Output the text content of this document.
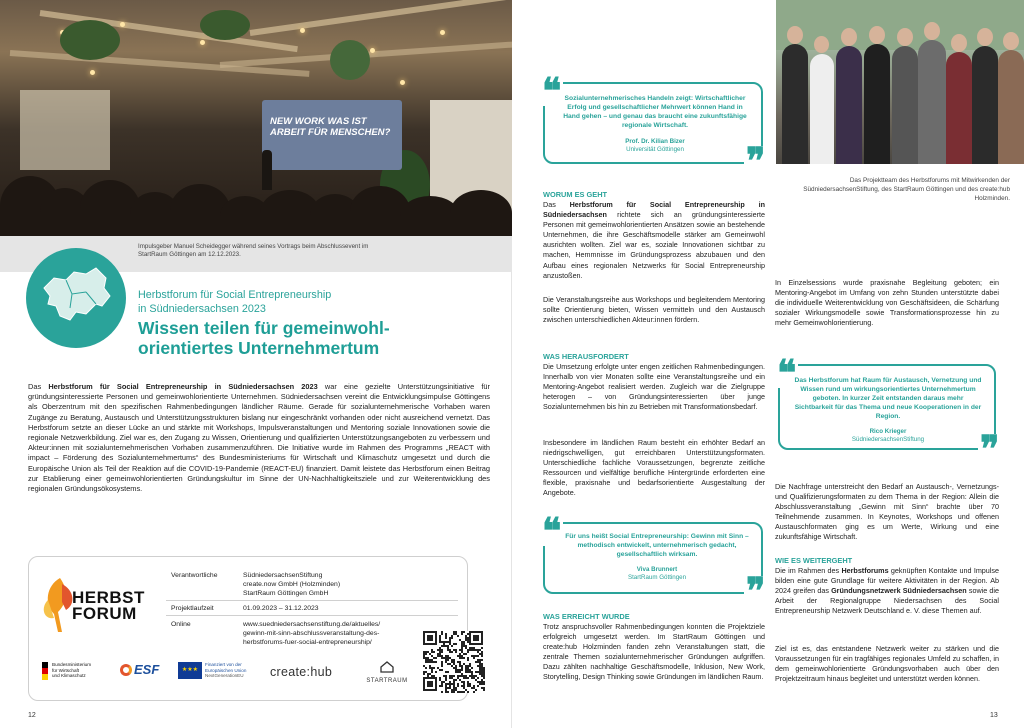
NEW WORK WAS IST ARBEIT FÜR MENSCHEN?
Impulsgeber Manuel Scheidegger während seines Vortrags beim Abschlussevent im StartRaum Göttingen am 12.12.2023.
Herbstforum für Social Entrepreneurship
in Südniedersachsen 2023
Wissen teilen für gemeinwohl-
orientiertes Unternehmertum

Das Herbstforum für Social Entrepreneurship in Südniedersachsen 2023 war eine gezielte Unterstützungsinitiative für gründungsinteressierte Personen und gemeinwohlorientierte Unternehmen. Südniedersachsen vereint die Entwicklungsimpulse Göttingens als Oberzentrum mit den spezifischen Rahmenbedingungen ländlicher Räume. Gerade für sozialunternehmerische Vorhaben waren Zugänge zu Beratung, Austausch und Unterstützungsstrukturen bislang nur eingeschränkt vorhanden oder nicht ausreichend vernetzt. Das Herbstforum setzte an dieser Lücke an und stärkte mit Workshops, Impulsveranstaltungen und Mentoring soziale Innovationen sowie die regionale Netzwerkbildung. Ziel war es, den Zugang zu Wissen, Orientierung und qualifizierten Unterstützungsangeboten zu verbessern und Akteur:innen mit sozialunternehmerischen Vorhaben zusammenzuführen. Die Initiative wurde im Rahmen des Programms „REACT with impact – Förderung des Sozialunternehmertums“ des Bundesministeriums für Wirtschaft und Klimaschutz umgesetzt und durch die Europäische Union als Teil der Reaktion auf die COVID-19-Pandemie (REACT-EU) finanziert. Damit leistete das Herbstforum einen Beitrag zur Etablierung einer gemeinwohlorientierten Gründungskultur im Sinne der UN-Nachhaltigkeitsziele und zur Weiterentwicklung des regionalen Gründungsökosystems.

HERBST
FORUM
Verantwortliche	SüdniedersachsenStiftung
create.now GmbH (Holzminden)
StartRaum Göttingen GmbH
Projektlaufzeit	01.09.2023 – 31.12.2023
Online	www.suedniedersachsenstiftung.de/aktuelles/
gewinn-mit-sinn-abschlussveranstaltung-des-
herbstforums-fuer-social-entrepreneurship/
Bundesministerium
für Wirtschaft
und Klimaschutz	ESF	★★★
Finanziert von der
Europäischen Union
NextGenerationEU create:hub
STARTRAUM
12
❝
❞
Sozialunternehmerisches Handeln zeigt: Wirtschaftlicher Erfolg und gesellschaftlicher Mehrwert können Hand in Hand gehen – und genau das braucht eine zukunftsfähige regionale Wirtschaft.
Prof. Dr. Kilian Bizer
Universität Göttingen
WORUM ES GEHT

Das Herbstforum für Social Entrepreneurship in Südniedersachsen richtete sich an gründungsinteressierte Personen mit gemeinwohlorientierten Ansätzen sowie an bestehende Unternehmen, die ihre Geschäftsmodelle stärker am Gemeinwohl ausrichten wollten. Ziel war es, soziale Innovationen sichtbar zu machen, Hemmnisse im Gründungsprozess abzubauen und den Aufbau eines regionalen Netzwerks für Social Entrepreneurship anzustoßen.

Die Veranstaltungsreihe aus Workshops und begleitendem Mentoring sollte Orientierung bieten, Wissen vermitteln und den Austausch zwischen unterschiedlichen Akteur:innen fördern.

WAS HERAUSFORDERT

Die Umsetzung erfolgte unter engen zeitlichen Rahmenbedingungen. Innerhalb von vier Monaten sollte eine Veranstaltungsreihe und ein Mentoring-Angebot realisiert werden. Zugleich war die Zielgruppe heterogen – von Gründungsinteressierten über junge Sozialunternehmen bis hin zu Betrieben mit Transformationsbedarf.

Insbesondere im ländlichen Raum besteht ein erhöhter Bedarf an niedrigschwelligen, gut erreichbaren Unterstützungsformaten. Unterschiedliche fachliche Voraussetzungen, begrenzte zeitliche Ressourcen und vielfältige berufliche Hintergründe erforderten eine flexible, praxisnahe und bedarfsorientierte Ausgestaltung der Angebote.

❝
❞
Für uns heißt Social Entrepreneurship: Gewinn mit Sinn – methodisch entwickelt, unternehmerisch gedacht, gesellschaftlich wirksam.
Viva Brunnert
StartRaum Göttingen
WAS ERREICHT WURDE

Trotz anspruchsvoller Rahmenbedingungen konnten die Projektziele erfolgreich umgesetzt werden. Im StartRaum Göttingen und create:hub Holzminden fanden zehn Veranstaltungen statt, die zentrale Themen sozialunternehmerischer Gründungen aufgriffen. Dazu zählten nachhaltige Geschäftsmodelle, Inklusion, New Work, Storytelling, Design Thinking sowie Gründungen im ländlichen Raum.

Das Projektteam des Herbstforums mit Mitwirkenden der SüdniedersachsenStiftung, des StartRaum Göttingen und des create:hub Holzminden.

In Einzelsessions wurde praxisnahe Begleitung geboten; ein Mentoring-Angebot im Umfang von zehn Stunden unterstützte dabei die individuelle Weiterentwicklung von Geschäftsideen, die Schärfung sozialer Wirkungsmodelle sowie Transformationsprozesse hin zu mehr Gemeinwohlorientierung.

❝
❞
Das Herbstforum hat Raum für Austausch, Vernetzung und Wissen rund um wirkungsorientiertes Unternehmertum geboten. In kurzer Zeit entstanden daraus mehr Sichtbarkeit für das Thema und neue Kooperationen in der Region.
Rico Krieger
SüdniedersachsenStiftung

Die Nachfrage unterstreicht den Bedarf an Austausch-, Vernetzungs- und Qualifizierungsformaten zu dem Thema in der Region: Allein die Abschlussveranstaltung „Gewinn mit Sinn“ brachte über 70 Teilnehmende zusammen. In Keynotes, Workshops und offenen Austauschformaten ging es um Werte, Wirkung und eine zukunftsfähige Wirtschaft.

WIE ES WEITERGEHT

Die im Rahmen des Herbstforums geknüpften Kontakte und Impulse bilden eine gute Grundlage für weitere Aktivitäten in der Region. Ab 2024 greifen das Gründungsnetzwerk Südniedersachsen sowie die Arbeit der Regionalgruppe Niedersachsen des Social Entrepreneurship Netzwerk Deutschland e. V. diese Themen auf.

Ziel ist es, das entstandene Netzwerk weiter zu stärken und die Voraussetzungen für ein tragfähiges regionales Umfeld zu schaffen, in dem gemeinwohlorientierte Gründungsvorhaben auch über den Projektzeitraum hinaus begleitet und unterstützt werden können.

13
